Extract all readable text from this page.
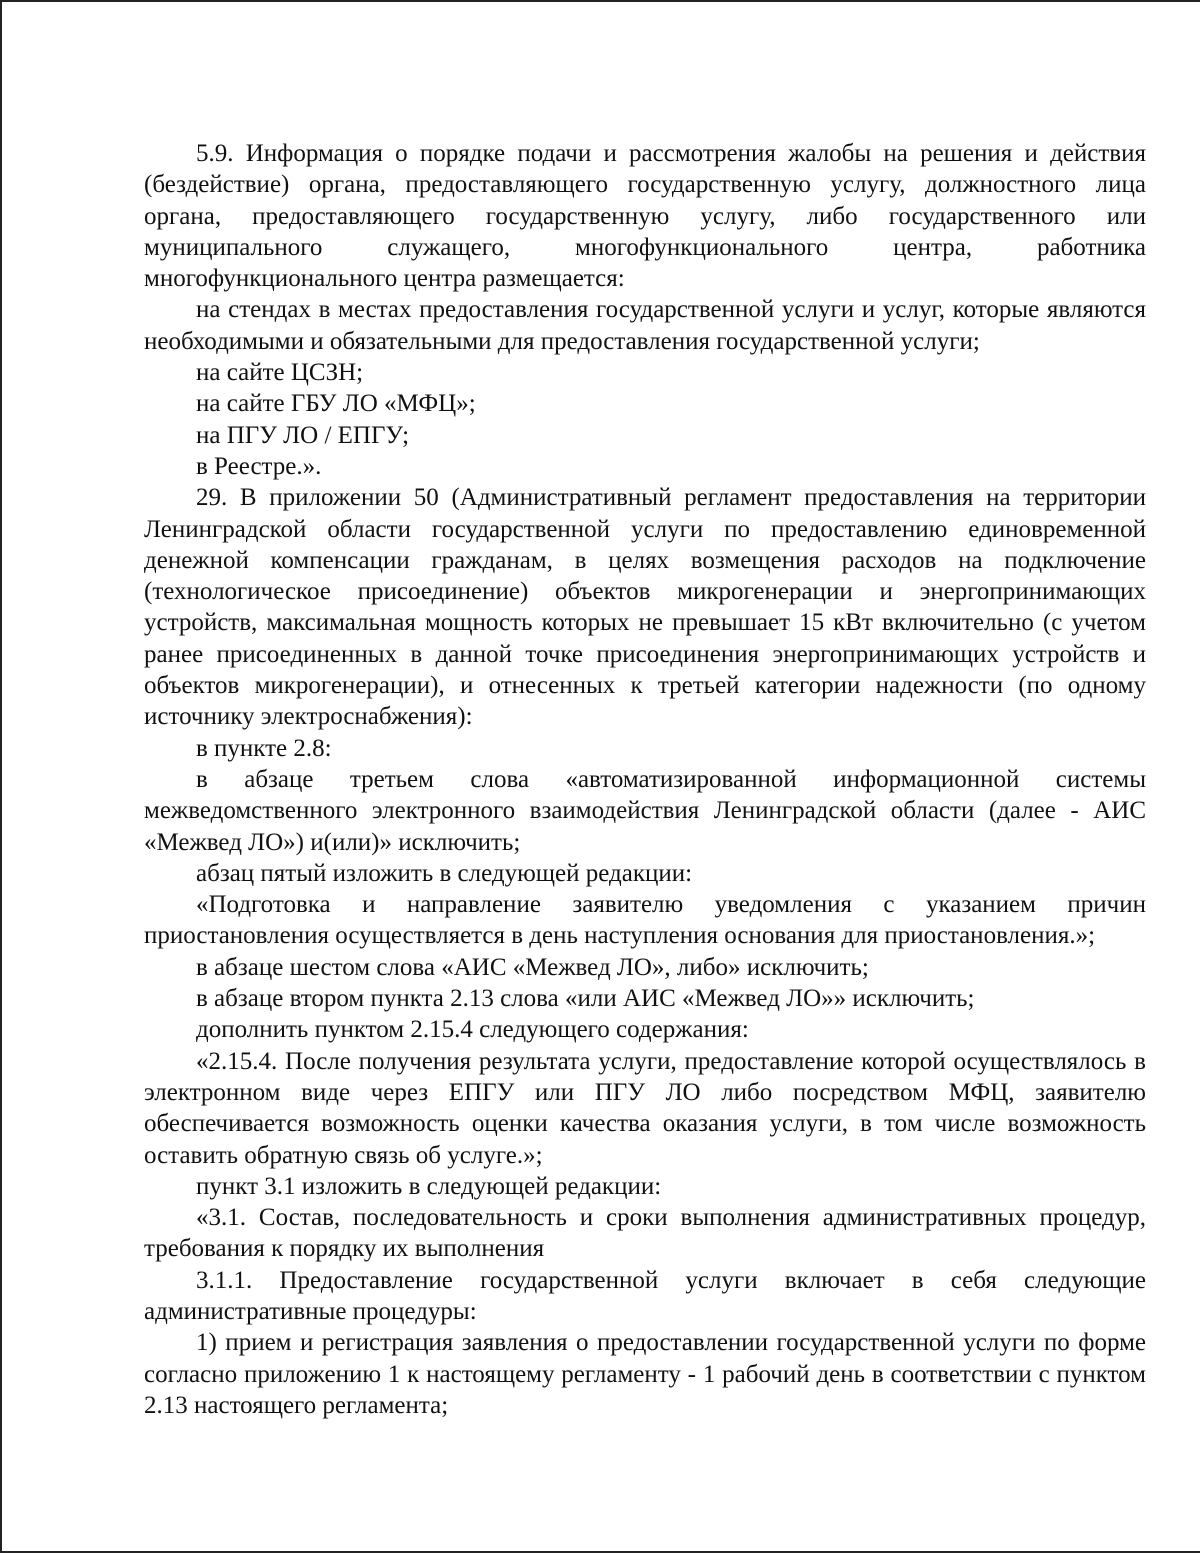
5.9. Информация о порядке подачи и рассмотрения жалобы на решения и действия (бездействие) органа, предоставляющего государственную услугу, должностного лица органа, предоставляющего государственную услугу, либо государственного или муниципального служащего, многофункционального центра, работника многофункционального центра размещается:

на стендах в местах предоставления государственной услуги и услуг, которые являются необходимыми и обязательными для предоставления государственной услуги;

на сайте ЦСЗН;

на сайте ГБУ ЛО «МФЦ»;

на ПГУ ЛО / ЕПГУ;

в Реестре.».

29. В приложении 50 (Административный регламент предоставления на территории Ленинградской области государственной услуги по предоставлению единовременной денежной компенсации гражданам, в целях возмещения расходов на подключение (технологическое присоединение) объектов микрогенерации и энергопринимающих устройств, максимальная мощность которых не превышает 15 кВт включительно (с учетом ранее присоединенных в данной точке присоединения энергопринимающих устройств и объектов микрогенерации), и отнесенных к третьей категории надежности (по одному источнику электроснабжения):

в пункте 2.8:

в абзаце третьем слова «автоматизированной информационной системы межведомственного электронного взаимодействия Ленинградской области (далее - АИС «Межвед ЛО») и(или)» исключить;

абзац пятый изложить в следующей редакции:

«Подготовка и направление заявителю уведомления с указанием причин приостановления осуществляется в день наступления основания для приостановления.»;

в абзаце шестом слова «АИС «Межвед ЛО», либо» исключить;

в абзаце втором пункта 2.13 слова «или АИС «Межвед ЛО»» исключить;

дополнить пунктом 2.15.4 следующего содержания:

«2.15.4. После получения результата услуги, предоставление которой осуществлялось в электронном виде через ЕПГУ или ПГУ ЛО либо посредством МФЦ, заявителю обеспечивается возможность оценки качества оказания услуги, в том числе возможность оставить обратную связь об услуге.»;

пункт 3.1 изложить в следующей редакции:

«3.1. Состав, последовательность и сроки выполнения административных процедур, требования к порядку их выполнения

3.1.1. Предоставление государственной услуги включает в себя следующие административные процедуры:

1) прием и регистрация заявления о предоставлении государственной услуги по форме согласно приложению 1 к настоящему регламенту - 1 рабочий день в соответствии с пунктом 2.13 настоящего регламента;
